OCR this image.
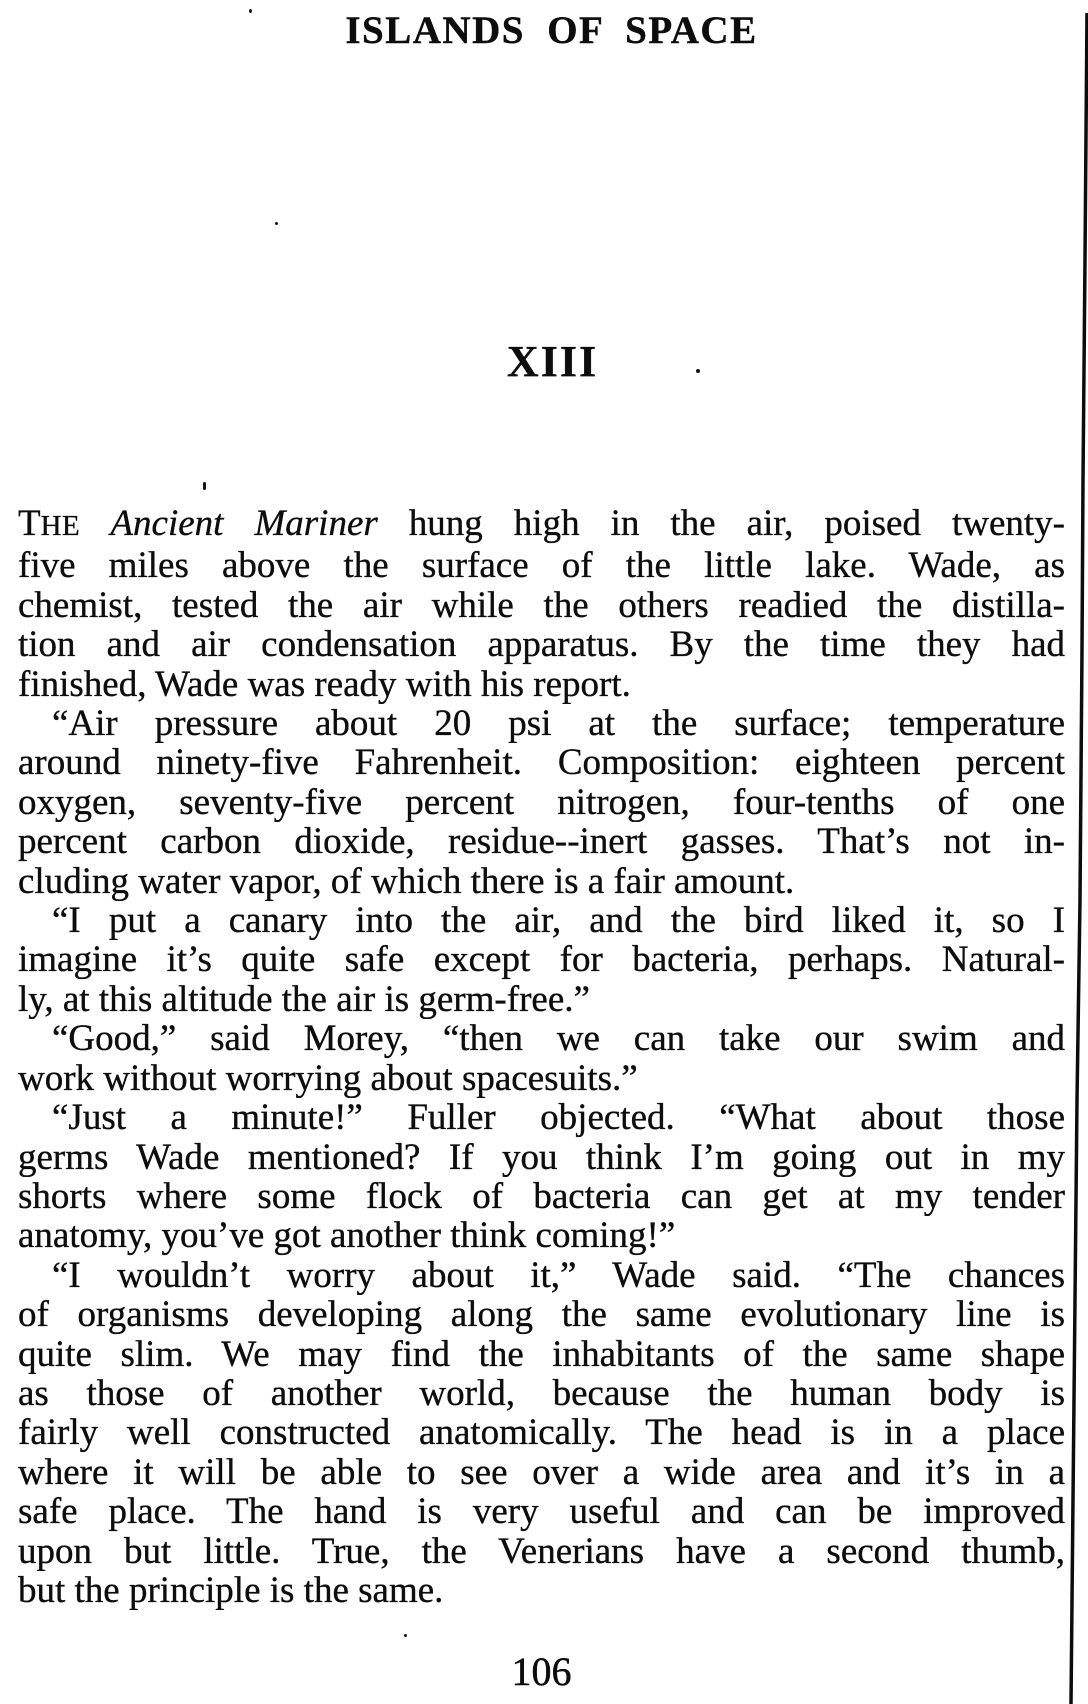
ISLANDS OF SPACE
XIII
THE Ancient Mariner hung high in the air, poised twenty-
five miles above the surface of the little lake. Wade, as
chemist, tested the air while the others readied the distilla-
tion and air condensation apparatus. By the time they had
finished, Wade was ready with his report.
“Air pressure about 20 psi at the surface; temperature
around ninety-five Fahrenheit. Composition: eighteen percent
oxygen, seventy-five percent nitrogen, four-tenths of one
percent carbon dioxide, residue--inert gasses. That’s not in-
cluding water vapor, of which there is a fair amount.
“I put a canary into the air, and the bird liked it, so I
imagine it’s quite safe except for bacteria, perhaps. Natural-
ly, at this altitude the air is germ-free.”
“Good,” said Morey, “then we can take our swim and
work without worrying about spacesuits.”
“Just a minute!” Fuller objected. “What about those
germs Wade mentioned? If you think I’m going out in my
shorts where some flock of bacteria can get at my tender
anatomy, you’ve got another think coming!”
“I wouldn’t worry about it,” Wade said. “The chances
of organisms developing along the same evolutionary line is
quite slim. We may find the inhabitants of the same shape
as those of another world, because the human body is
fairly well constructed anatomically. The head is in a place
where it will be able to see over a wide area and it’s in a
safe place. The hand is very useful and can be improved
upon but little. True, the Venerians have a second thumb,
but the principle is the same.
106
